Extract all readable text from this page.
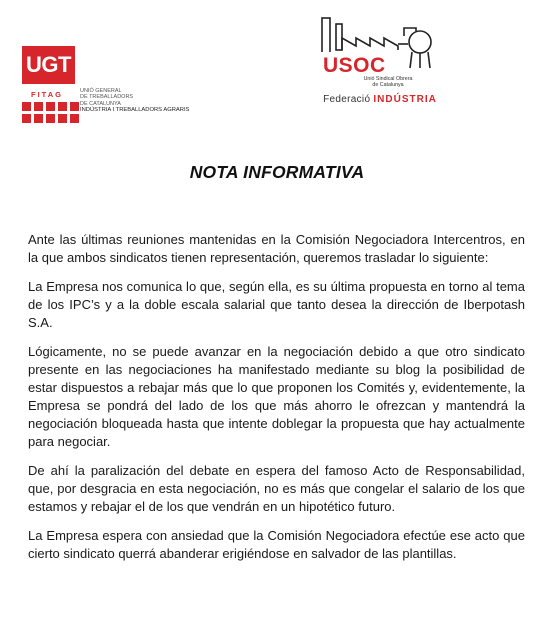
UGT
FITAG	UNIÓ GENERAL
DE TREBALLADORS
DE CATALUNYA
INDÚSTRIA I TREBALLADORS AGRARIS
USOC
Unió Sindical Obrera
de Catalunya
Federació INDÚSTRIA
NOTA INFORMATIVA

Ante las últimas reuniones mantenidas en la Comisión Negociadora Intercentros, en la que ambos sindicatos tienen representación, queremos trasladar lo siguiente:

La Empresa nos comunica lo que, según ella, es su última propuesta en torno al tema de los IPC’s y a la doble escala salarial que tanto desea la dirección de Iberpotash S.A.

Lógicamente, no se puede avanzar en la negociación debido a que otro sindicato presente en las negociaciones ha manifestado mediante su blog la posibilidad de estar dispuestos a rebajar más que lo que proponen los Comités y, evidentemente, la Empresa se pondrá del lado de los que más ahorro le ofrezcan y mantendrá la negociación bloqueada hasta que intente doblegar la propuesta que hay actualmente para negociar.

De ahí la paralización del debate en espera del famoso Acto de Responsabilidad, que, por desgracia en esta negociación, no es más que congelar el salario de los que estamos y rebajar el de los que vendrán en un hipotético futuro.

La Empresa espera con ansiedad que la Comisión Negociadora efectúe ese acto que cierto sindicato querrá abanderar erigiéndose en salvador de las plantillas.
